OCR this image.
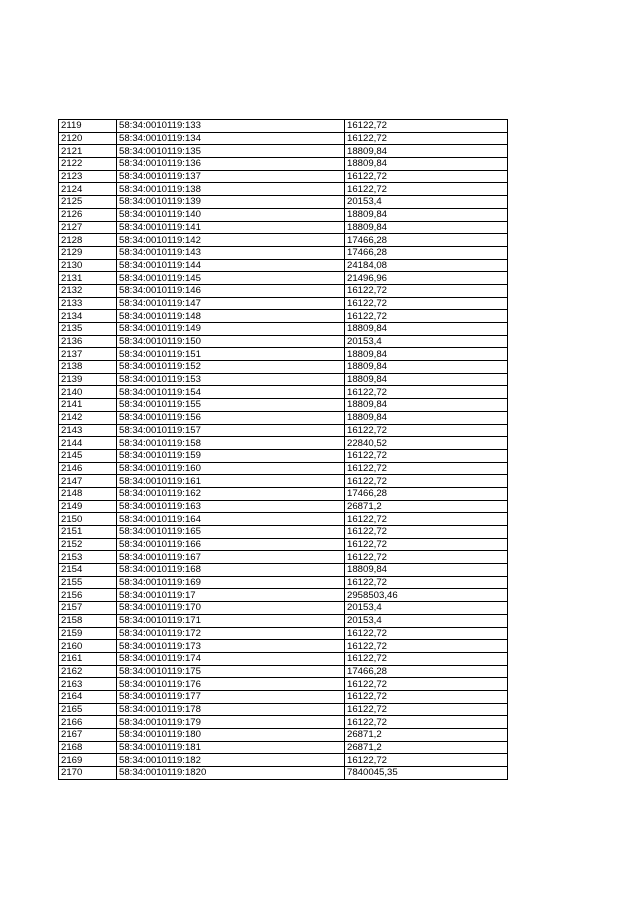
2119	58:34:0010119:133	16122,72
2120	58:34:0010119:134	16122,72
2121	58:34:0010119:135	18809,84
2122	58:34:0010119:136	18809,84
2123	58:34:0010119:137	16122,72
2124	58:34:0010119:138	16122,72
2125	58:34:0010119:139	20153,4
2126	58:34:0010119:140	18809,84
2127	58:34:0010119:141	18809,84
2128	58:34:0010119:142	17466,28
2129	58:34:0010119:143	17466,28
2130	58:34:0010119:144	24184,08
2131	58:34:0010119:145	21496,96
2132	58:34:0010119:146	16122,72
2133	58:34:0010119:147	16122,72
2134	58:34:0010119:148	16122,72
2135	58:34:0010119:149	18809,84
2136	58:34:0010119:150	20153,4
2137	58:34:0010119:151	18809,84
2138	58:34:0010119:152	18809,84
2139	58:34:0010119:153	18809,84
2140	58:34:0010119:154	16122,72
2141	58:34:0010119:155	18809,84
2142	58:34:0010119:156	18809,84
2143	58:34:0010119:157	16122,72
2144	58:34:0010119:158	22840,52
2145	58:34:0010119:159	16122,72
2146	58:34:0010119:160	16122,72
2147	58:34:0010119:161	16122,72
2148	58:34:0010119:162	17466,28
2149	58:34:0010119:163	26871,2
2150	58:34:0010119:164	16122,72
2151	58:34:0010119:165	16122,72
2152	58:34:0010119:166	16122,72
2153	58:34:0010119:167	16122,72
2154	58:34:0010119:168	18809,84
2155	58:34:0010119:169	16122,72
2156	58:34:0010119:17	2958503,46
2157	58:34:0010119:170	20153,4
2158	58:34:0010119:171	20153,4
2159	58:34:0010119:172	16122,72
2160	58:34:0010119:173	16122,72
2161	58:34:0010119:174	16122,72
2162	58:34:0010119:175	17466,28
2163	58:34:0010119:176	16122,72
2164	58:34:0010119:177	16122,72
2165	58:34:0010119:178	16122,72
2166	58:34:0010119:179	16122,72
2167	58:34:0010119:180	26871,2
2168	58:34:0010119:181	26871,2
2169	58:34:0010119:182	16122,72
2170	58:34:0010119:1820	7840045,35
